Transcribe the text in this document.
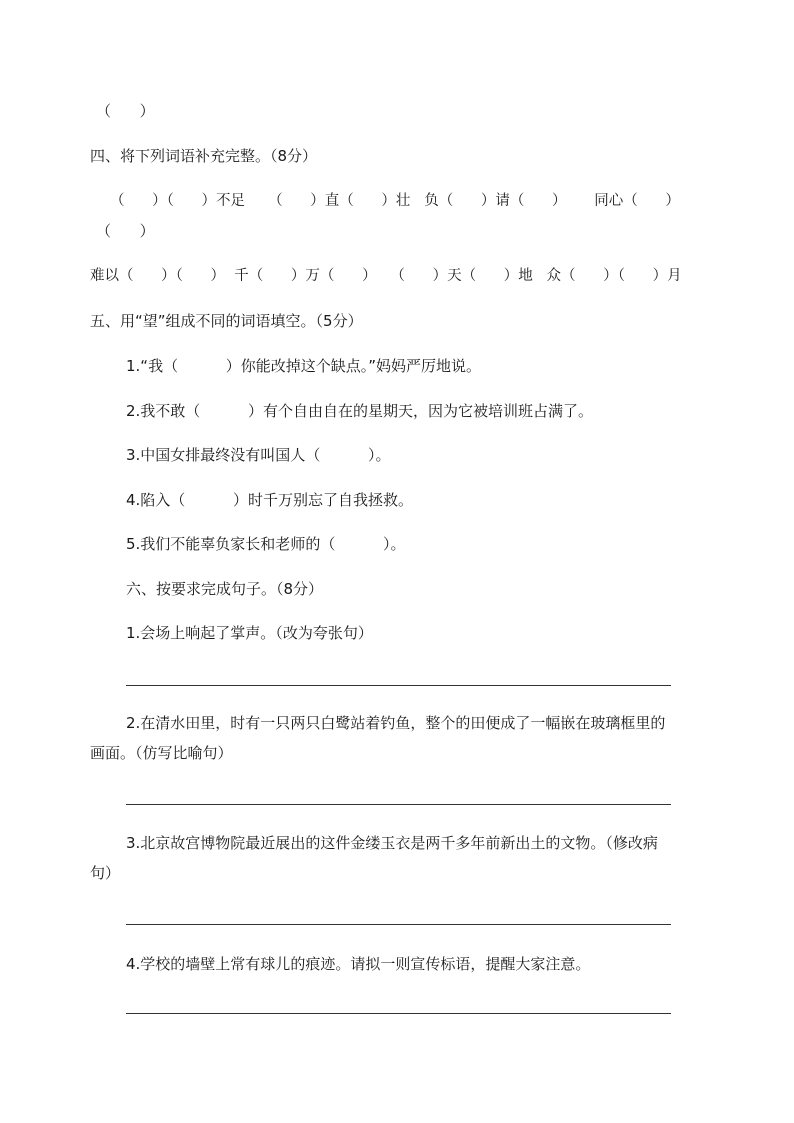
（      ）
四、将下列词语补充完整。（8分）
（      ）（      ）不足     （      ）直（      ）壮   负（      ）请（      ）      同心（      ）
（      ）
难以（      ）（      ）  千（      ）万（      ）   （      ）天（      ）地   众（      ）（      ）月
五、用“望”组成不同的词语填空。（5分）
1.“我（          ）你能改掉这个缺点。”妈妈严厉地说。
2.我不敢（          ）有个自由自在的星期天，因为它被培训班占满了。
3.中国女排最终没有叫国人（          ）。
4.陷入（          ）时千万别忘了自我拯救。
5.我们不能辜负家长和老师的（          ）。
六、按要求完成句子。（8分）
1.会场上响起了掌声。（改为夸张句）
2.在清水田里，时有一只两只白鹭站着钓鱼，整个的田便成了一幅嵌在玻璃框里的
画面。（仿写比喻句）
3.北京故宫博物院最近展出的这件金缕玉衣是两千多年前新出土的文物。（修改病
句）
4.学校的墙壁上常有球儿的痕迹。请拟一则宣传标语，提醒大家注意。
